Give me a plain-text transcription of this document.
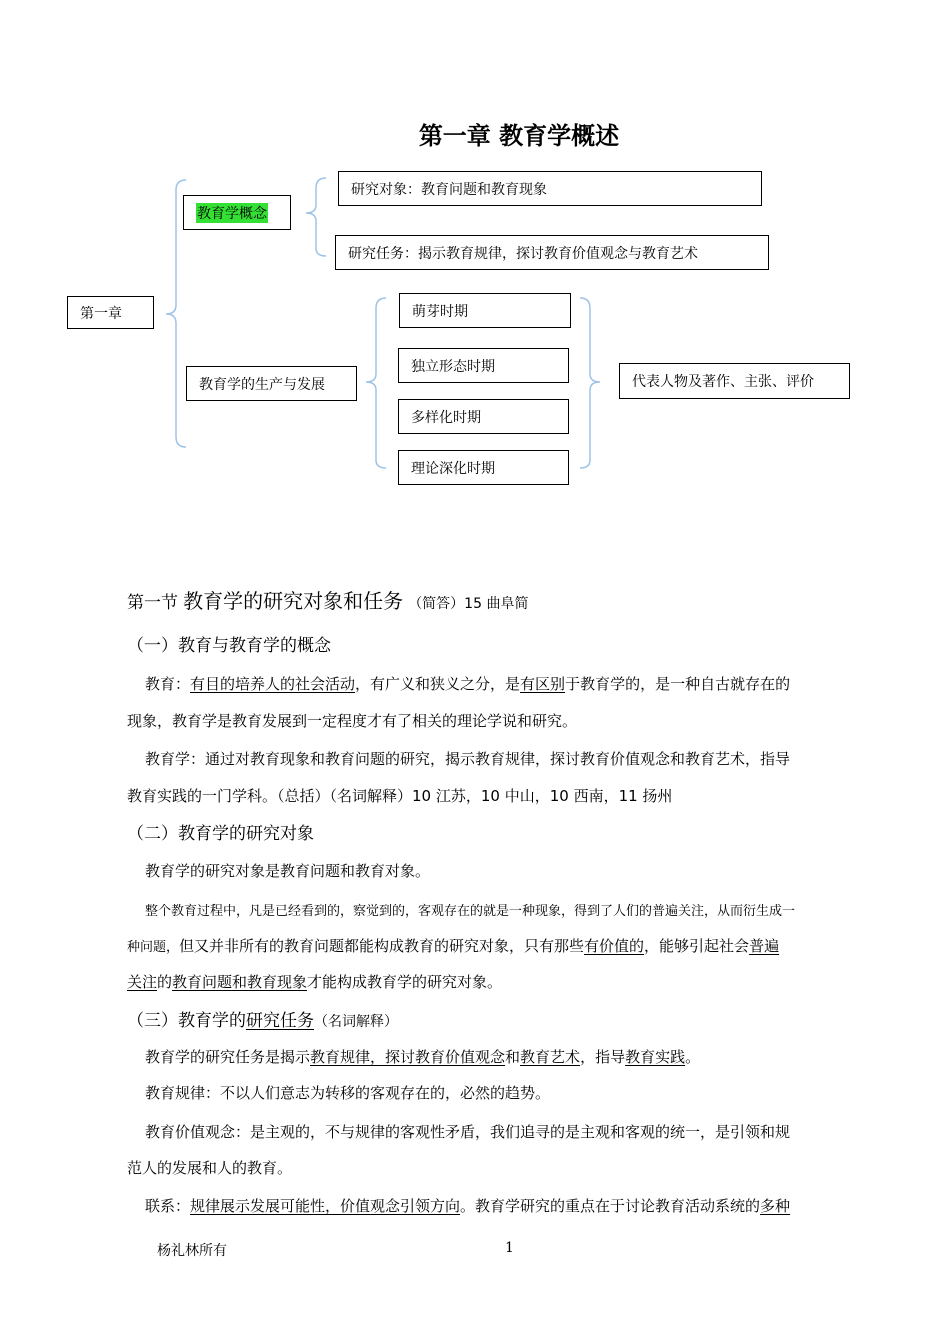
第一章 教育学概述
第一章
教育学概念
研究对象：教育问题和教育现象
研究任务：揭示教育规律，探讨教育价值观念与教育艺术
教育学的生产与发展
萌芽时期
独立形态时期
多样化时期
理论深化时期
代表人物及著作、主张、评价
第一节 教育学的研究对象和任务 （简答）15 曲阜简
（一）教育与教育学的概念
教育：有目的培养人的社会活动，有广义和狭义之分，是有区别于教育学的，是一种自古就存在的
现象，教育学是教育发展到一定程度才有了相关的理论学说和研究。
教育学：通过对教育现象和教育问题的研究，揭示教育规律，探讨教育价值观念和教育艺术，指导
教育实践的一门学科。（总括）（名词解释）10 江苏，10 中山，10 西南，11 扬州
（二）教育学的研究对象
教育学的研究对象是教育问题和教育对象。
整个教育过程中，凡是已经看到的，察觉到的，客观存在的就是一种现象，得到了人们的普遍关注，从而衍生成一
种问题，但又并非所有的教育问题都能构成教育的研究对象，只有那些有价值的，能够引起社会普遍
关注的教育问题和教育现象才能构成教育学的研究对象。
（三）教育学的研究任务（名词解释）
教育学的研究任务是揭示教育规律，探讨教育价值观念和教育艺术，指导教育实践。
教育规律：不以人们意志为转移的客观存在的，必然的趋势。
教育价值观念：是主观的，不与规律的客观性矛盾，我们追寻的是主观和客观的统一，是引领和规
范人的发展和人的教育。
联系：规律展示发展可能性，价值观念引领方向。教育学研究的重点在于讨论教育活动系统的多种
杨礼林所有	1
